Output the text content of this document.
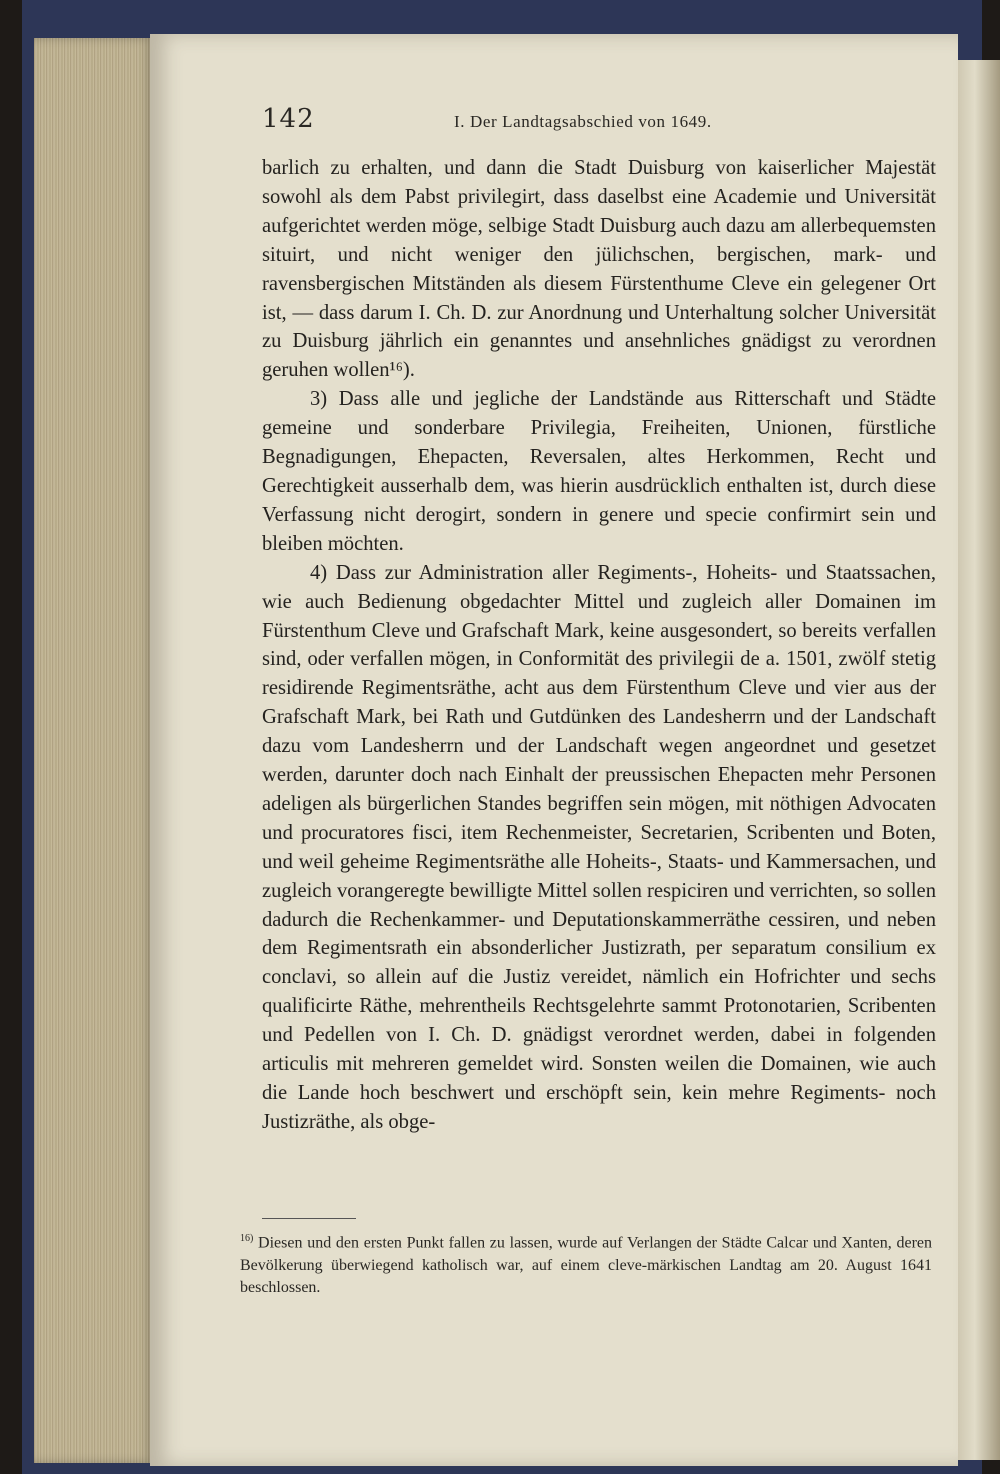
142	I. Der Landtagsabschied von 1649.

barlich zu erhalten, und dann die Stadt Duisburg von kaiserlicher Majestät sowohl als dem Pabst privilegirt, dass daselbst eine Academie und Universität aufgerichtet werden möge, selbige Stadt Duisburg auch dazu am allerbequemsten situirt, und nicht weniger den jülichschen, bergischen, mark- und ravensbergischen Mitständen als diesem Fürstenthume Cleve ein gelegener Ort ist, — dass darum I. Ch. D. zur Anordnung und Unterhaltung solcher Universität zu Duisburg jährlich ein genanntes und ansehnliches gnädigst zu verordnen geruhen wollen¹⁶).

3) Dass alle und jegliche der Landstände aus Ritterschaft und Städte gemeine und sonderbare Privilegia, Freiheiten, Unionen, fürstliche Begnadigungen, Ehepacten, Reversalen, altes Herkommen, Recht und Gerechtigkeit ausserhalb dem, was hierin ausdrücklich enthalten ist, durch diese Verfassung nicht derogirt, sondern in genere und specie confirmirt sein und bleiben möchten.

4) Dass zur Administration aller Regiments-, Hoheits- und Staatssachen, wie auch Bedienung obgedachter Mittel und zugleich aller Domainen im Fürstenthum Cleve und Grafschaft Mark, keine ausgesondert, so bereits verfallen sind, oder verfallen mögen, in Conformität des privilegii de a. 1501, zwölf stetig residirende Regimentsräthe, acht aus dem Fürstenthum Cleve und vier aus der Grafschaft Mark, bei Rath und Gutdünken des Landesherrn und der Landschaft dazu vom Landesherrn und der Landschaft wegen angeordnet und gesetzet werden, darunter doch nach Einhalt der preussischen Ehepacten mehr Personen adeligen als bürgerlichen Standes begriffen sein mögen, mit nöthigen Advocaten und procuratores fisci, item Rechenmeister, Secretarien, Scribenten und Boten, und weil geheime Regimentsräthe alle Hoheits-, Staats- und Kammersachen, und zugleich vorangeregte bewilligte Mittel sollen respiciren und verrichten, so sollen dadurch die Rechenkammer- und Deputationskammerräthe cessiren, und neben dem Regimentsrath ein absonderlicher Justizrath, per separatum consilium ex conclavi, so allein auf die Justiz vereidet, nämlich ein Hofrichter und sechs qualificirte Räthe, mehrentheils Rechtsgelehrte sammt Protonotarien, Scribenten und Pedellen von I. Ch. D. gnädigst verordnet werden, dabei in folgenden articulis mit mehreren gemeldet wird. Sonsten weilen die Domainen, wie auch die Lande hoch beschwert und erschöpft sein, kein mehre Regiments- noch Justizräthe, als obge-

$^{16)}$ Diesen und den ersten Punkt fallen zu lassen, wurde auf Verlangen der Städte Calcar und Xanten, deren Bevölkerung überwiegend katholisch war, auf einem cleve-märkischen Landtag am 20. August 1641 beschlossen.
